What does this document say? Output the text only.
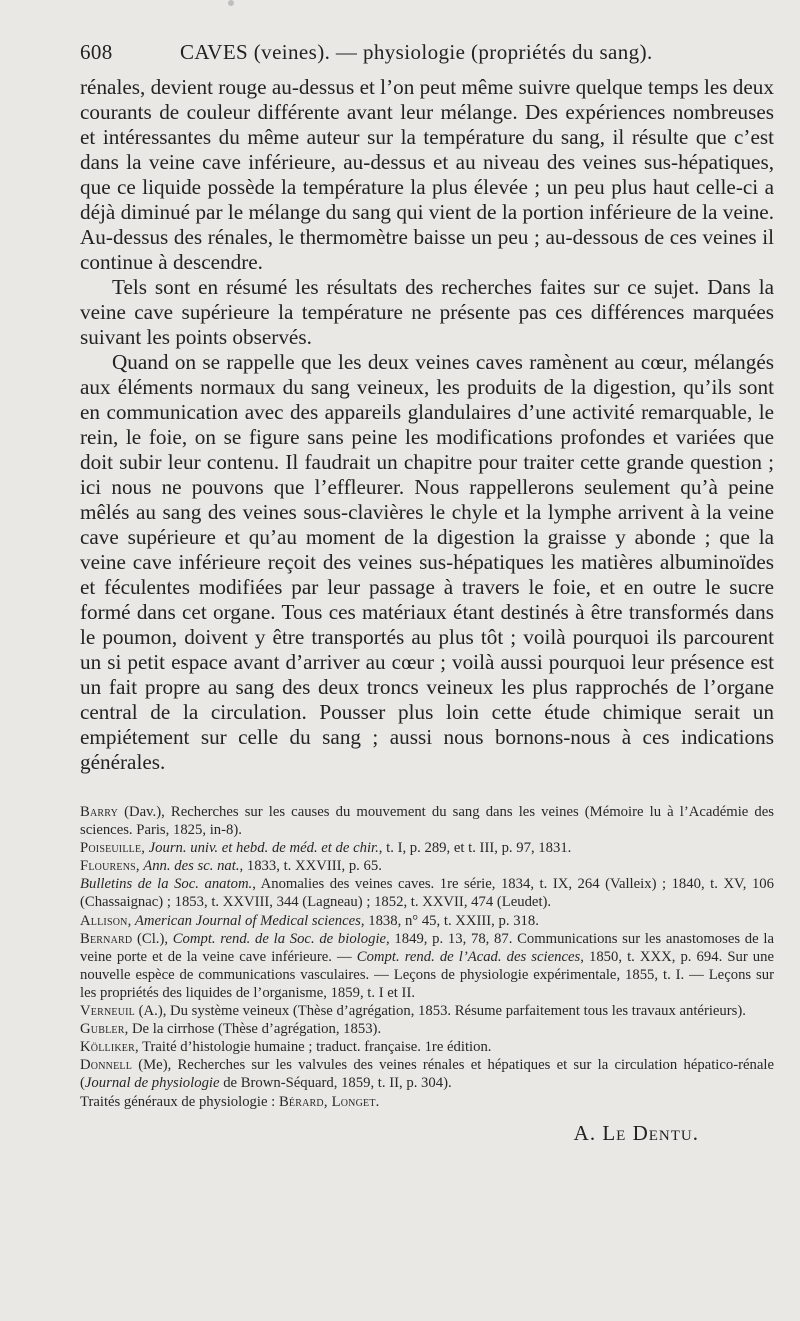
608	CAVES (veines). — physiologie (propriétés du sang).

rénales, devient rouge au-dessus et l’on peut même suivre quelque temps les deux courants de couleur différente avant leur mélange. Des expériences nombreuses et intéressantes du même auteur sur la température du sang, il résulte que c’est dans la veine cave inférieure, au-dessus et au niveau des veines sus-hépatiques, que ce liquide possède la température la plus élevée ; un peu plus haut celle-ci a déjà diminué par le mélange du sang qui vient de la portion inférieure de la veine. Au-dessus des rénales, le thermomètre baisse un peu ; au-dessous de ces veines il continue à descendre.

Tels sont en résumé les résultats des recherches faites sur ce sujet. Dans la veine cave supérieure la température ne présente pas ces différences marquées suivant les points observés.

Quand on se rappelle que les deux veines caves ramènent au cœur, mélangés aux éléments normaux du sang veineux, les produits de la digestion, qu’ils sont en communication avec des appareils glandulaires d’une activité remarquable, le rein, le foie, on se figure sans peine les modifications profondes et variées que doit subir leur contenu. Il faudrait un chapitre pour traiter cette grande question ; ici nous ne pouvons que l’effleurer. Nous rappellerons seulement qu’à peine mêlés au sang des veines sous-clavières le chyle et la lymphe arrivent à la veine cave supérieure et qu’au moment de la digestion la graisse y abonde ; que la veine cave inférieure reçoit des veines sus-hépatiques les matières albuminoïdes et féculentes modifiées par leur passage à travers le foie, et en outre le sucre formé dans cet organe. Tous ces matériaux étant destinés à être transformés dans le poumon, doivent y être transportés au plus tôt ; voilà pourquoi ils parcourent un si petit espace avant d’arriver au cœur ; voilà aussi pourquoi leur présence est un fait propre au sang des deux troncs veineux les plus rapprochés de l’organe central de la circulation. Pousser plus loin cette étude chimique serait un empiétement sur celle du sang ; aussi nous bornons-nous à ces indications générales.

Barry (Dav.), Recherches sur les causes du mouvement du sang dans les veines (Mémoire lu à l’Académie des sciences. Paris, 1825, in-8).

Poiseuille, Journ. univ. et hebd. de méd. et de chir., t. I, p. 289, et t. III, p. 97, 1831.

Flourens, Ann. des sc. nat., 1833, t. XXVIII, p. 65.

Bulletins de la Soc. anatom., Anomalies des veines caves. 1re série, 1834, t. IX, 264 (Valleix) ; 1840, t. XV, 106 (Chassaignac) ; 1853, t. XXVIII, 344 (Lagneau) ; 1852, t. XXVII, 474 (Leudet).

Allison, American Journal of Medical sciences, 1838, n° 45, t. XXIII, p. 318.

Bernard (Cl.), Compt. rend. de la Soc. de biologie, 1849, p. 13, 78, 87. Communications sur les anastomoses de la veine porte et de la veine cave inférieure. — Compt. rend. de l’Acad. des sciences, 1850, t. XXX, p. 694. Sur une nouvelle espèce de communications vasculaires. — Leçons de physiologie expérimentale, 1855, t. I. — Leçons sur les propriétés des liquides de l’organisme, 1859, t. I et II.

Verneuil (A.), Du système veineux (Thèse d’agrégation, 1853. Résume parfaitement tous les travaux antérieurs).

Gubler, De la cirrhose (Thèse d’agrégation, 1853).

Kölliker, Traité d’histologie humaine ; traduct. française. 1re édition.

Donnell (Me), Recherches sur les valvules des veines rénales et hépatiques et sur la circulation hépatico-rénale (Journal de physiologie de Brown-Séquard, 1859, t. II, p. 304).

Traités généraux de physiologie : Bérard, Longet.

A. Le Dentu.
